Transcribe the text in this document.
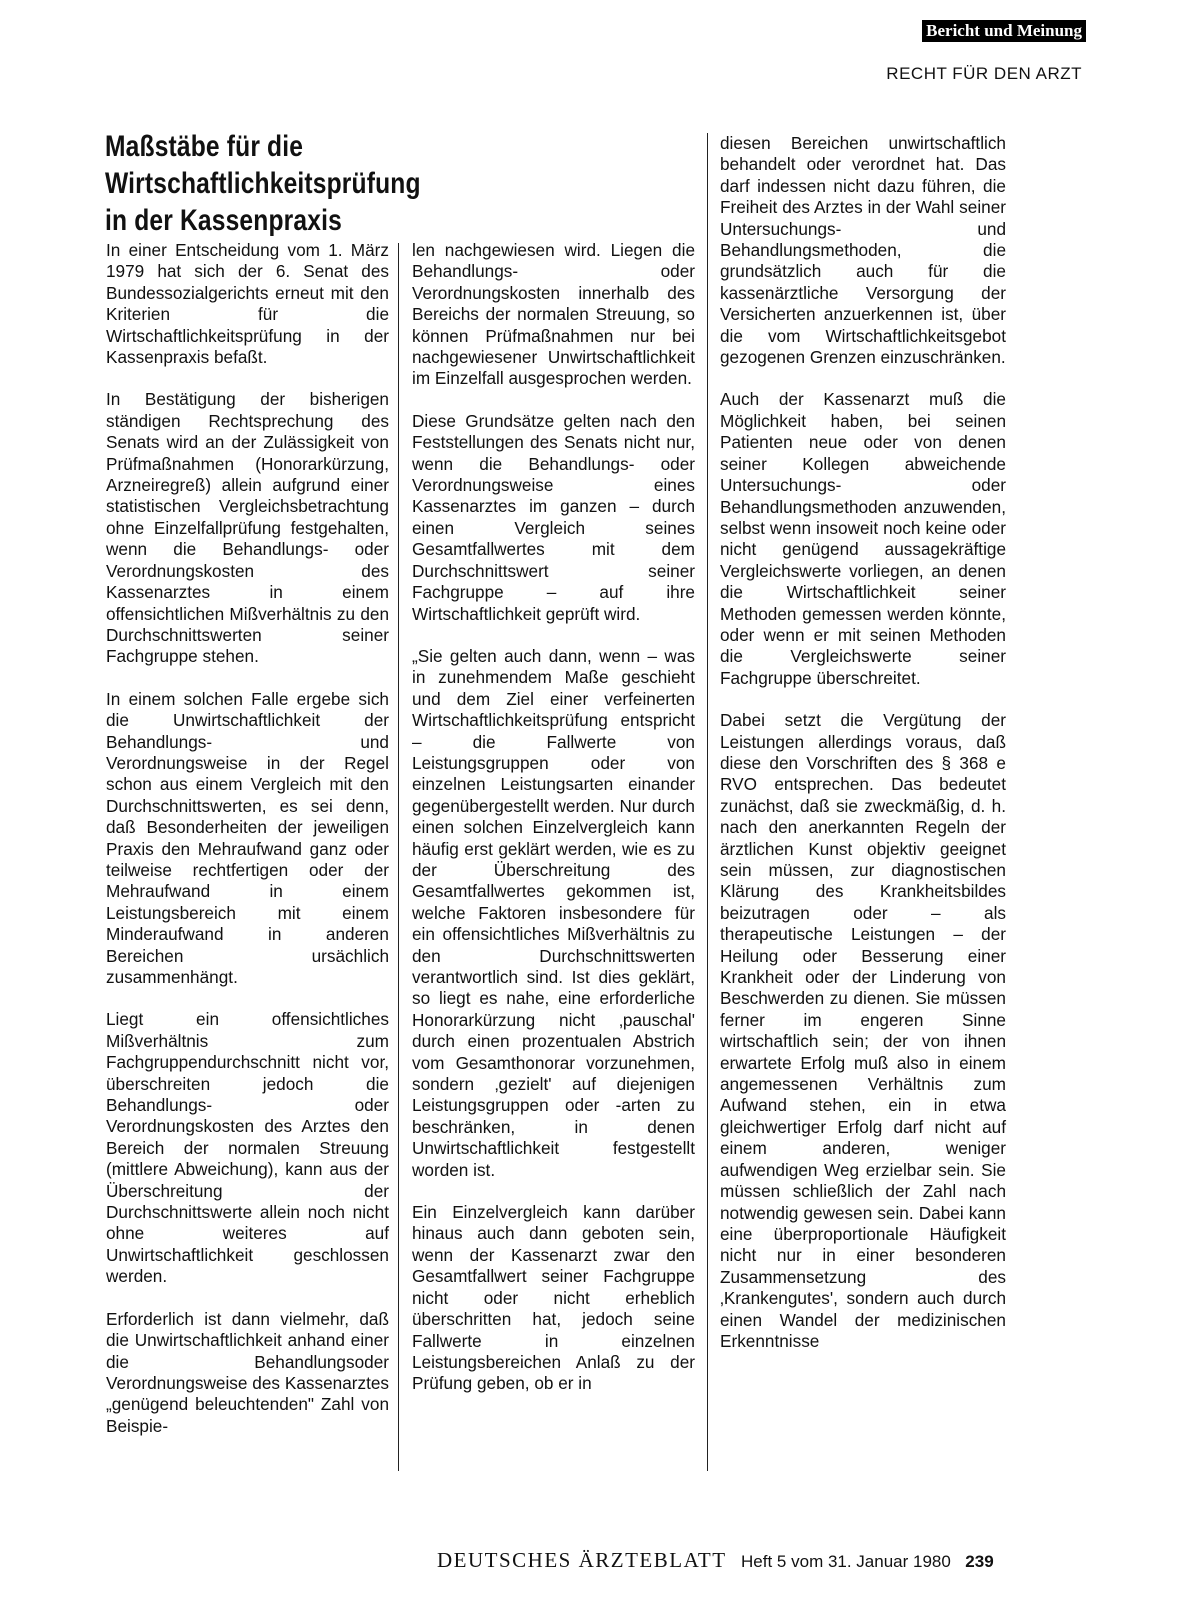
Bericht und Meinung
RECHT FÜR DEN ARZT
Maßstäbe für die Wirtschaftlichkeitsprüfung
in der Kassenpraxis

In einer Entscheidung vom 1. März 1979 hat sich der 6. Senat des Bundessozialgerichts erneut mit den Kriterien für die Wirtschaftlichkeitsprüfung in der Kassenpraxis befaßt.

In Bestätigung der bisherigen ständigen Rechtsprechung des Senats wird an der Zulässigkeit von Prüfmaßnahmen (Honorarkürzung, Arzneiregreß) allein aufgrund einer statistischen Vergleichsbetrachtung ohne Einzelfallprüfung festgehalten, wenn die Behandlungs- oder Verordnungskosten des Kassenarztes in einem offensichtlichen Mißverhältnis zu den Durchschnittswerten seiner Fachgruppe stehen.

In einem solchen Falle ergebe sich die Unwirtschaftlichkeit der Behandlungs- und Verordnungsweise in der Regel schon aus einem Vergleich mit den Durchschnittswerten, es sei denn, daß Besonderheiten der jeweiligen Praxis den Mehraufwand ganz oder teilweise rechtfertigen oder der Mehraufwand in einem Leistungsbereich mit einem Minderaufwand in anderen Bereichen ursächlich zusammenhängt.

Liegt ein offensichtliches Mißverhältnis zum Fachgruppendurchschnitt nicht vor, überschreiten jedoch die Behandlungs- oder Verordnungskosten des Arztes den Bereich der normalen Streuung (mittlere Abweichung), kann aus der Überschreitung der Durchschnittswerte allein noch nicht ohne weiteres auf Unwirtschaftlichkeit geschlossen werden.

Erforderlich ist dann vielmehr, daß die Unwirtschaftlichkeit anhand einer die Behandlungsoder Verordnungsweise des Kassenarztes „genügend beleuchtenden" Zahl von Beispie-

len nachgewiesen wird. Liegen die Behandlungs- oder Verordnungskosten innerhalb des Bereichs der normalen Streuung, so können Prüfmaßnahmen nur bei nachgewiesener Unwirtschaftlichkeit im Einzelfall ausgesprochen werden.

Diese Grundsätze gelten nach den Feststellungen des Senats nicht nur, wenn die Behandlungs- oder Verordnungsweise eines Kassenarztes im ganzen – durch einen Vergleich seines Gesamtfallwertes mit dem Durchschnittswert seiner Fachgruppe – auf ihre Wirtschaftlichkeit geprüft wird.

„Sie gelten auch dann, wenn – was in zunehmendem Maße geschieht und dem Ziel einer verfeinerten Wirtschaftlichkeitsprüfung entspricht – die Fallwerte von Leistungsgruppen oder von einzelnen Leistungsarten einander gegenübergestellt werden. Nur durch einen solchen Einzelvergleich kann häufig erst geklärt werden, wie es zu der Überschreitung des Gesamtfallwertes gekommen ist, welche Faktoren insbesondere für ein offensichtliches Mißverhältnis zu den Durchschnittswerten verantwortlich sind. Ist dies geklärt, so liegt es nahe, eine erforderliche Honorarkürzung nicht ‚pauschal' durch einen prozentualen Abstrich vom Gesamthonorar vorzunehmen, sondern ‚gezielt' auf diejenigen Leistungsgruppen oder -arten zu beschränken, in denen Unwirtschaftlichkeit festgestellt worden ist.

Ein Einzelvergleich kann darüber hinaus auch dann geboten sein, wenn der Kassenarzt zwar den Gesamtfallwert seiner Fachgruppe nicht oder nicht erheblich überschritten hat, jedoch seine Fallwerte in einzelnen Leistungsbereichen Anlaß zu der Prüfung geben, ob er in

diesen Bereichen unwirtschaftlich behandelt oder verordnet hat. Das darf indessen nicht dazu führen, die Freiheit des Arztes in der Wahl seiner Untersuchungs- und Behandlungsmethoden, die grundsätzlich auch für die kassenärztliche Versorgung der Versicherten anzuerkennen ist, über die vom Wirtschaftlichkeitsgebot gezogenen Grenzen einzuschränken.

Auch der Kassenarzt muß die Möglichkeit haben, bei seinen Patienten neue oder von denen seiner Kollegen abweichende Untersuchungs- oder Behandlungsmethoden anzuwenden, selbst wenn insoweit noch keine oder nicht genügend aussagekräftige Vergleichswerte vorliegen, an denen die Wirtschaftlichkeit seiner Methoden gemessen werden könnte, oder wenn er mit seinen Methoden die Vergleichswerte seiner Fachgruppe überschreitet.

Dabei setzt die Vergütung der Leistungen allerdings voraus, daß diese den Vorschriften des § 368 e RVO entsprechen. Das bedeutet zunächst, daß sie zweckmäßig, d. h. nach den anerkannten Regeln der ärztlichen Kunst objektiv geeignet sein müssen, zur diagnostischen Klärung des Krankheitsbildes beizutragen oder – als therapeutische Leistungen – der Heilung oder Besserung einer Krankheit oder der Linderung von Beschwerden zu dienen. Sie müssen ferner im engeren Sinne wirtschaftlich sein; der von ihnen erwartete Erfolg muß also in einem angemessenen Verhältnis zum Aufwand stehen, ein in etwa gleichwertiger Erfolg darf nicht auf einem anderen, weniger aufwendigen Weg erzielbar sein. Sie müssen schließlich der Zahl nach notwendig gewesen sein. Dabei kann eine überproportionale Häufigkeit nicht nur in einer besonderen Zusammensetzung des ‚Krankengutes', sondern auch durch einen Wandel der medizinischen Erkenntnisse

DEUTSCHES ÄRZTEBLATT Heft 5 vom 31. Januar 1980 239
